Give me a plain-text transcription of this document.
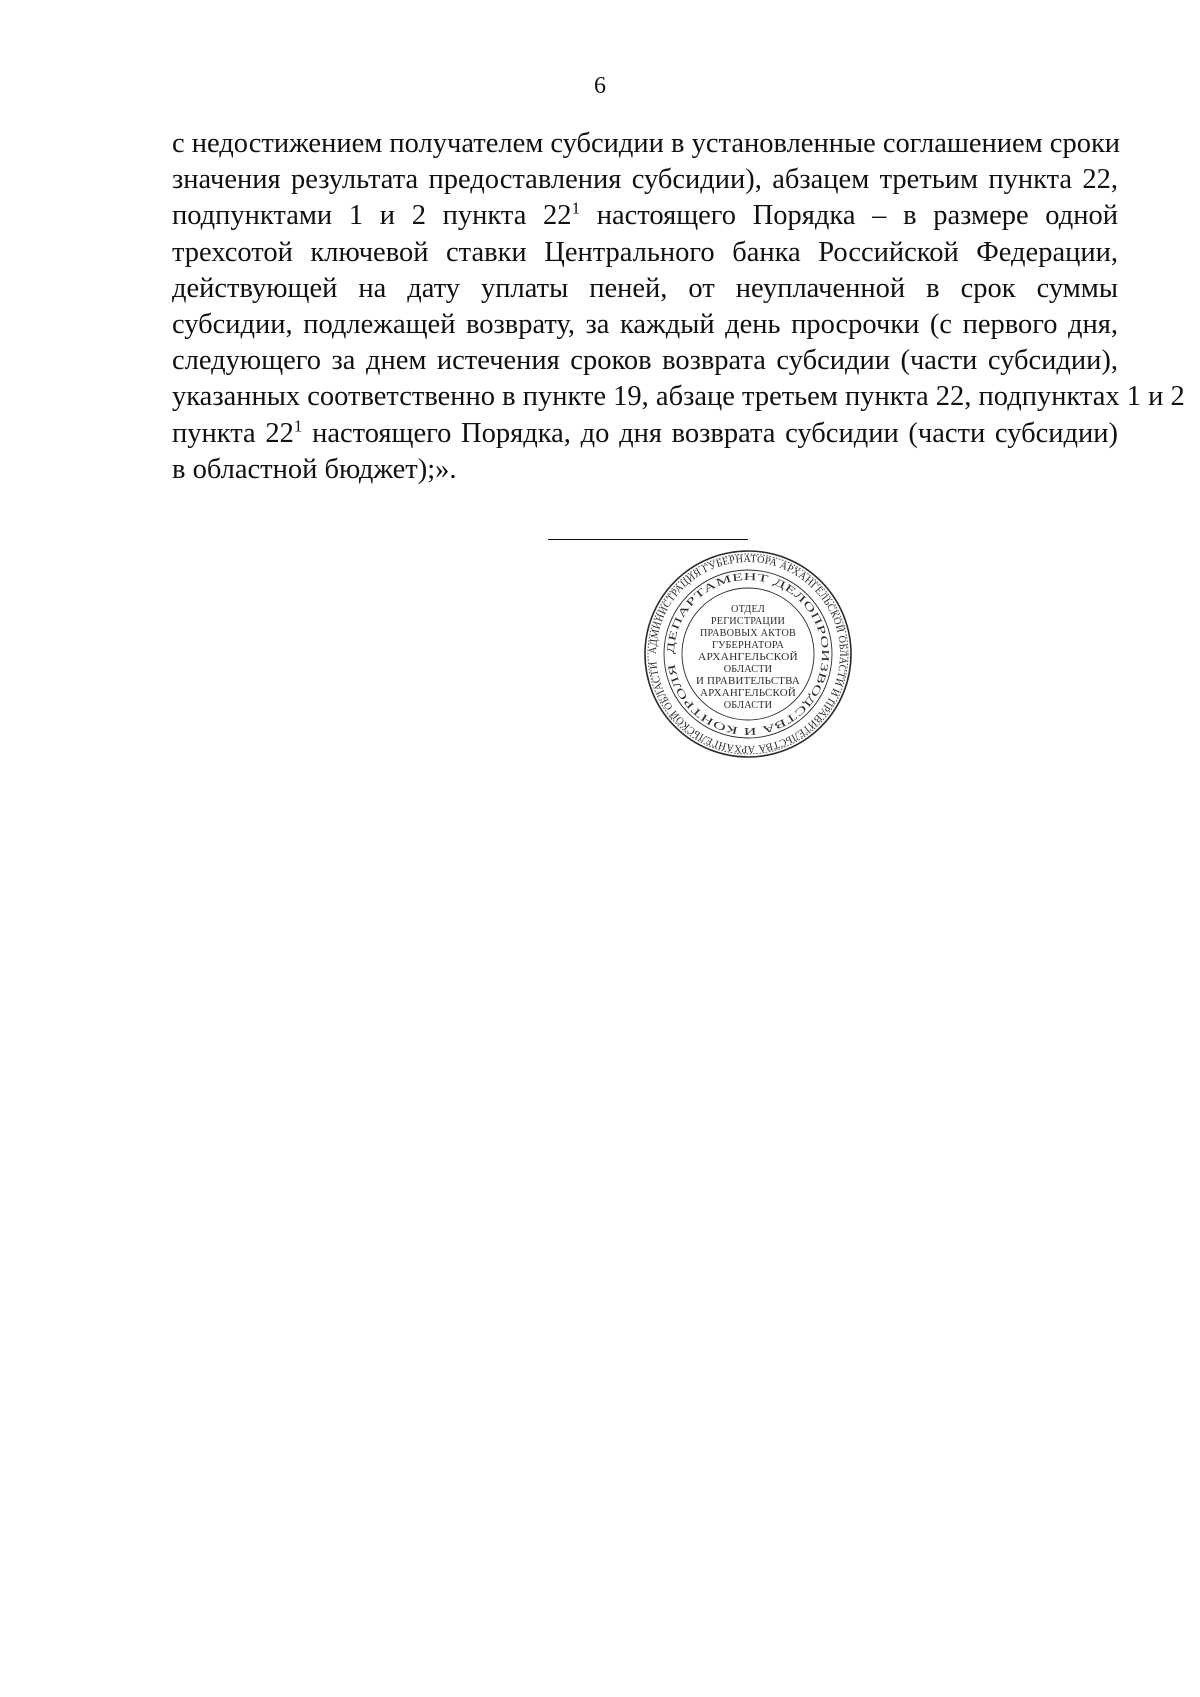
6
с недостижением получателем субсидии в установленные соглашением сроки
значения результата предоставления субсидии), абзацем третьим пункта 22,
подпунктами 1 и 2 пункта $22^1$ настоящего Порядка – в размере одной
трехсотой ключевой ставки Центрального банка Российской Федерации,
действующей на дату уплаты пеней, от неуплаченной в срок суммы
субсидии, подлежащей возврату, за каждый день просрочки (с первого дня,
следующего за днем истечения сроков возврата субсидии (части субсидии),
указанных соответственно в пункте 19, абзаце третьем пункта 22, подпунктах 1 и 2
пункта $22^1$ настоящего Порядка, до дня возврата субсидии (части субсидии)
в областной бюджет);».
АДМИНИСТРАЦИЯ ГУБЕРНАТОРА АРХАНГЕЛЬСКОЙ ОБЛАСТИ И ПРАВИТЕЛЬСТВА АРХАНГЕЛЬСКОЙ ОБЛАСТИ
ДЕПАРТАМЕНТ ДЕЛОПРОИЗВОДСТВА И КОНТРОЛЯ
ОТДЕЛ
РЕГИСТРАЦИИ
ПРАВОВЫХ АКТОВ
ГУБЕРНАТОРА
АРХАНГЕЛЬСКОЙ
ОБЛАСТИ
И ПРАВИТЕЛЬСТВА
АРХАНГЕЛЬСКОЙ
ОБЛАСТИ
